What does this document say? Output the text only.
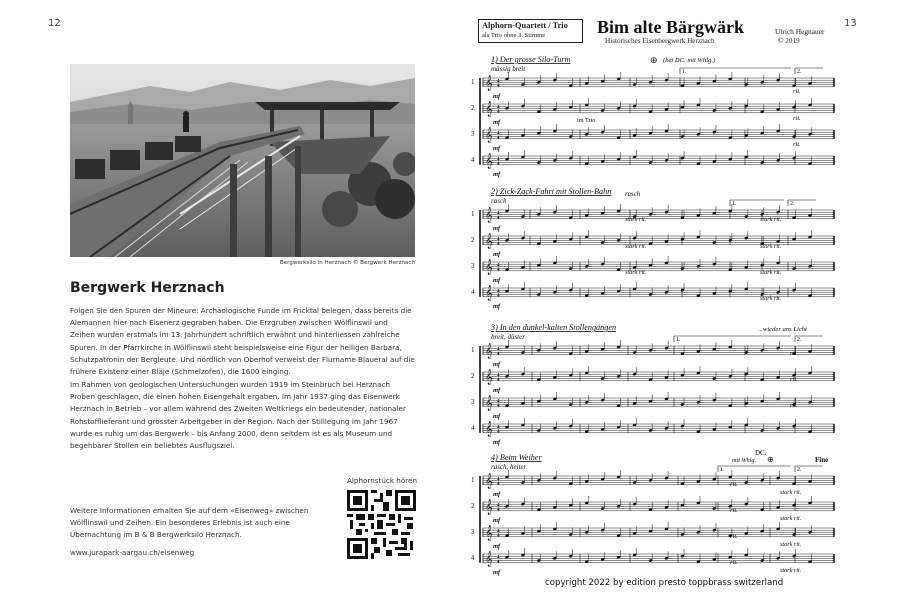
12
Bergwerksilo in Herznach © Bergwerk Herznach
Bergwerk Herznach

Folgen Sie den Spuren der Mineure: Archäologische Funde im Fricktal belegen, dass bereits die Alemannen hier nach Eisenerz gegraben haben. Die Erzgruben zwischen Wölflinswil und Zeihen wurden erstmals im 13. Jahrhundert schriftlich erwähnt und hinterliessen zahlreiche Spuren. In der Pfarrkirche in Wölflinswil steht beispielsweise eine Figur der heiligen Barbara, Schutzpatronin der Bergleute. Und nördlich von Oberhof verweist der Flurname Blaueral auf die frühere Existenz einer Bläje (Schmelzofen), die 1600 einging.

Im Rahmen von geologischen Untersuchungen wurden 1919 im Steinbruch bei Herznach Proben geschlagen, die einen hohen Eisengehalt ergaben. Im Jahr 1937 ging das Eisenwerk Herznach in Betrieb – vor allem während des Zweiten Weltkriegs ein bedeutender, nationaler Rohstofflieferant und grösster Arbeitgeber in der Region. Nach der Stilllegung im Jahr 1967 wurde es ruhig um das Bergwerk – bis Anfang 2000, denn seitdem ist es als Museum und begehbarer Stollen ein beliebtes Ausflugsziel.

Alphornstück hören

Weitere Informationen erhalten Sie auf dem «Eisenweg» zwischen Wölflinswil und Zeihen. Ein besonderes Erlebnis ist auch eine Übernachtung im B & B Bergwerksilo Herznach.

www.jurapark-aargau.ch/eisenweg

13
Alphorn-Quartett / Trio
als Trio ohne 3. Stimme	Bim alte Bärgwärk
Historisches Eisenbergwerk Herznach
Ulrich Hegnauer
© 2019
1) Der grosse Silo-Turm
mässig breit
1 𝄞 4
4
mf
2 𝄞 4
4
mf
3 𝄞 4
4
mf
4 𝄞 4
4
mf
1.	2.
2) Zick-Zack-Fahrt mit Stollen-Bahn
rasch
1 𝄞 4
4
mf
2 𝄞 4
4
mf
3 𝄞 4
4
mf
4 𝄞 4
4
mf
1.	2.
3) In den dunkel-kalten Stollengängen
breit, düster
1 𝄞 4
4
mf
2 𝄞 4
4
mf
3 𝄞 4
4
mf
4 𝄞 4
4
mf
1.	2.
4) Beim Weiher
rasch, heiter
1 𝄞 4
4
mf
2 𝄞 4
4
mf
3 𝄞 4
4
mf
4 𝄞 4
4
mf
1.	2.
⊕ (bei DC. mit Whlg.)
im Trio
rit.
rit.
rit.
rasch
stark rit.	stark rit.
stark rit.	stark rit.
stark rit.	stark rit.
stark rit.
...wieder ans Licht
rit.
rit.
rit.
DC.
mit Whlg. ⊕	Fine
rit.
stark rit.
rit.
stark rit.
rit.
stark rit.
rit.
stark rit.
copyright 2022 by edition presto toppbrass switzerland
